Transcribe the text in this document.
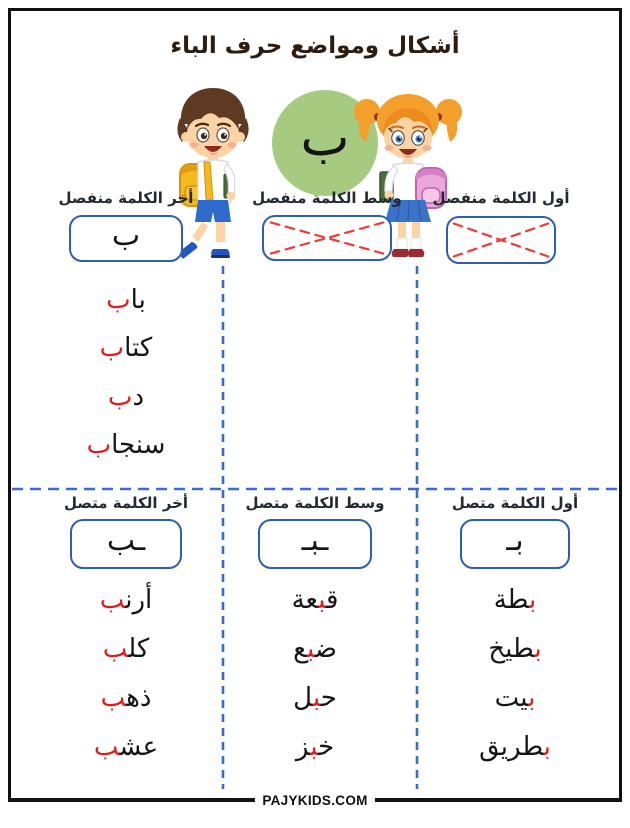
أشكال ومواضع حرف الباء
ب
أخر الكلمة منفصل
ب
باب
كتاب
دب
سنجاب
وسط الكلمة منفصل	أول الكلمة منفصل
أخر الكلمة متصل
ـب
أرن‍‍ب
كل‍‍ب
ذه‍‍ب
عش‍‍ب
وسط الكلمة متصل
ـبـ
ق‍‍ب‍‍عة
ض‍‍ب‍‍ع
ح‍‍ب‍‍ل
خ‍‍ب‍‍ز
أول الكلمة متصل
بـ
ب‍‍طة
ب‍‍طيخ
ب‍‍يت
ب‍‍طريق
PAJYKIDS.COM
